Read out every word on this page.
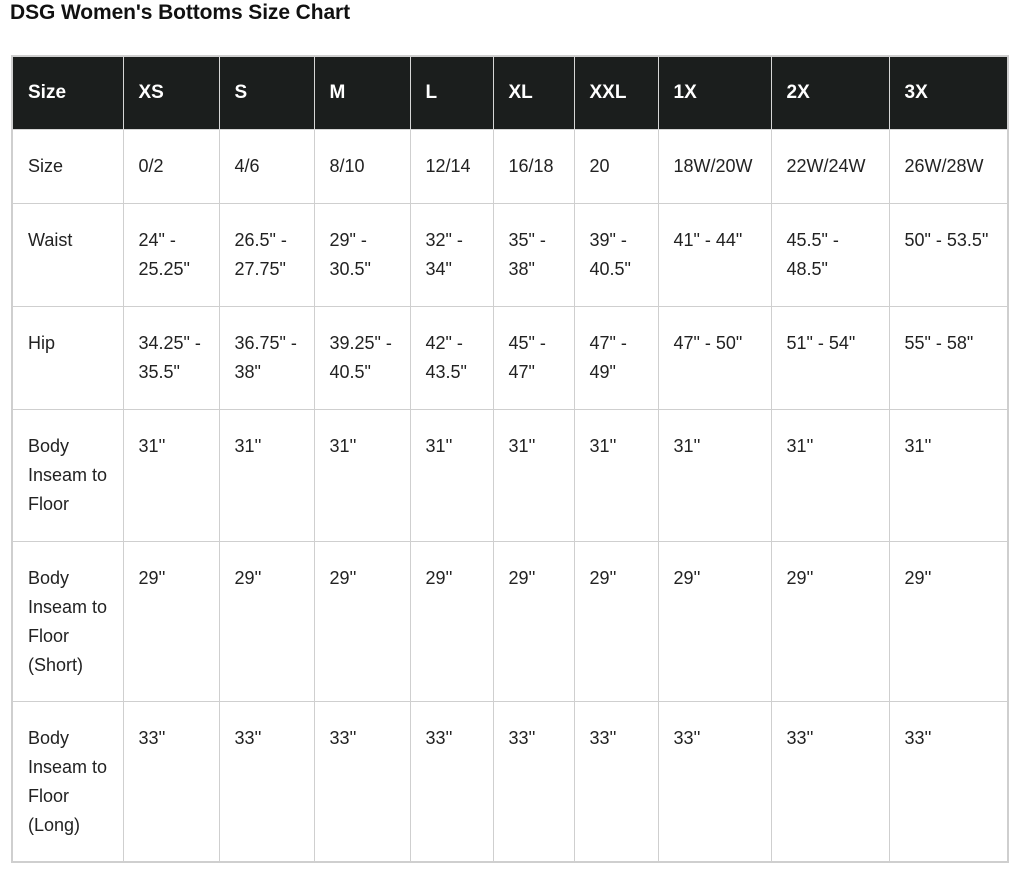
DSG Women's Bottoms Size Chart
Size	XS	S	M	L	XL	XXL	1X	2X	3X
Size	0/2	4/6	8/10	12/14	16/18	20	18W/20W	22W/24W	26W/28W
Waist	24" - 25.25"	26.5" - 27.75"	29" - 30.5"	32" - 34"	35" - 38"	39" - 40.5"	41" - 44"	45.5" - 48.5"	50" - 53.5"
Hip	34.25" - 35.5"	36.75" - 38"	39.25" - 40.5"	42" - 43.5"	45" - 47"	47" - 49"	47" - 50"	51" - 54"	55" - 58"
Body Inseam to Floor	31''	31''	31''	31''	31''	31''	31''	31''	31''
Body Inseam to Floor (Short)	29''	29''	29''	29''	29''	29''	29''	29''	29''
Body Inseam to Floor (Long)	33''	33''	33''	33''	33''	33''	33''	33''	33''
